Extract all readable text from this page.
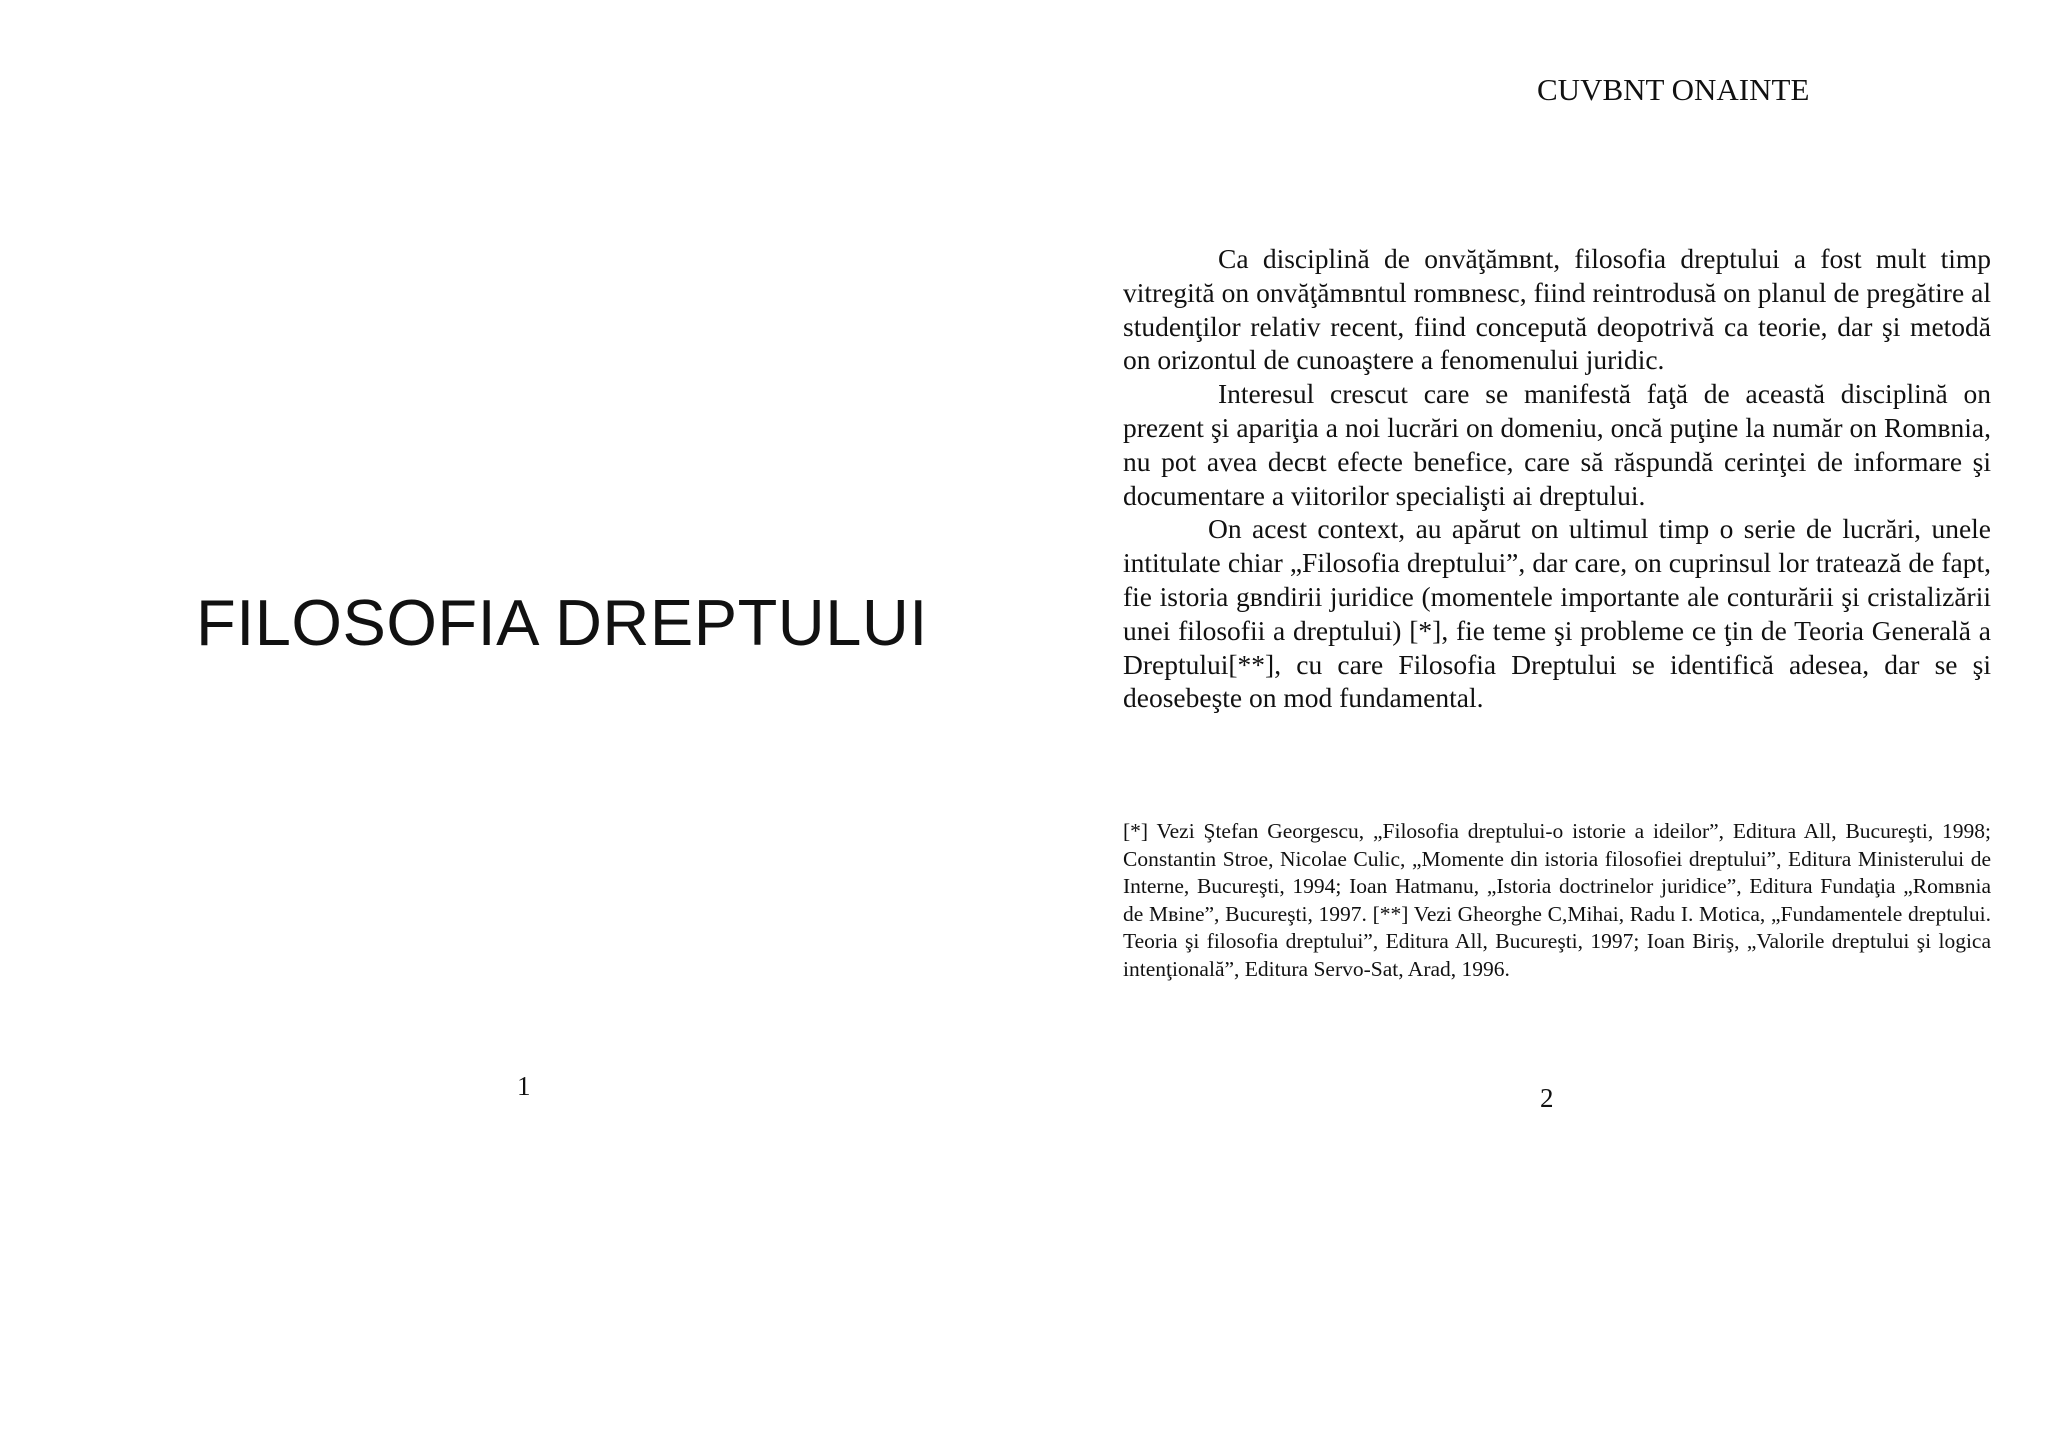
FILOSOFIA DREPTULUI
1
CUVBNT ONAINTE

Ca disciplină de onvăţămвnt, filosofia dreptului a fost mult timp vitregită on onvăţămвntul romвnesc, fiind reintrodusă on planul de pregătire al studenţilor relativ recent, fiind concepută deopotrivă ca teorie, dar şi metodă on orizontul de cunoaştere a fenomenului juridic.

Interesul crescut care se manifestă faţă de această disciplină on prezent şi apariţia a noi lucrări on domeniu, oncă puţine la număr on Romвnia, nu pot avea decвt efecte benefice, care să răspundă cerinţei de informare şi documentare a viitorilor specialişti ai dreptului.

On acest context, au apărut on ultimul timp o serie de lucrări, unele intitulate chiar „Filosofia dreptului”, dar care, on cuprinsul lor tratează de fapt, fie istoria gвndirii juridice (momentele importante ale conturării şi cristalizării unei filosofii a dreptului) [*], fie teme şi probleme ce ţin de Teoria Generală a Dreptului[**], cu care Filosofia Dreptului se identifică adesea, dar se şi deosebeşte on mod fundamental.

[*] Vezi Ştefan Georgescu, „Filosofia dreptului-o istorie a ideilor”, Editura All, Bucureşti, 1998; Constantin Stroe, Nicolae Culic, „Momente din istoria filosofiei dreptului”, Editura Ministerului de Interne, Bucureşti, 1994; Ioan Hatmanu, „Istoria doctrinelor juridice”, Editura Fundaţia „Romвnia de Mвine”, Bucureşti, 1997. [**] Vezi Gheorghe C,Mihai, Radu I. Motica, „Fundamentele dreptului. Teoria şi filosofia dreptului”, Editura All, Bucureşti, 1997; Ioan Biriş, „Valorile dreptului şi logica intenţională”, Editura Servo-Sat, Arad, 1996.

2
